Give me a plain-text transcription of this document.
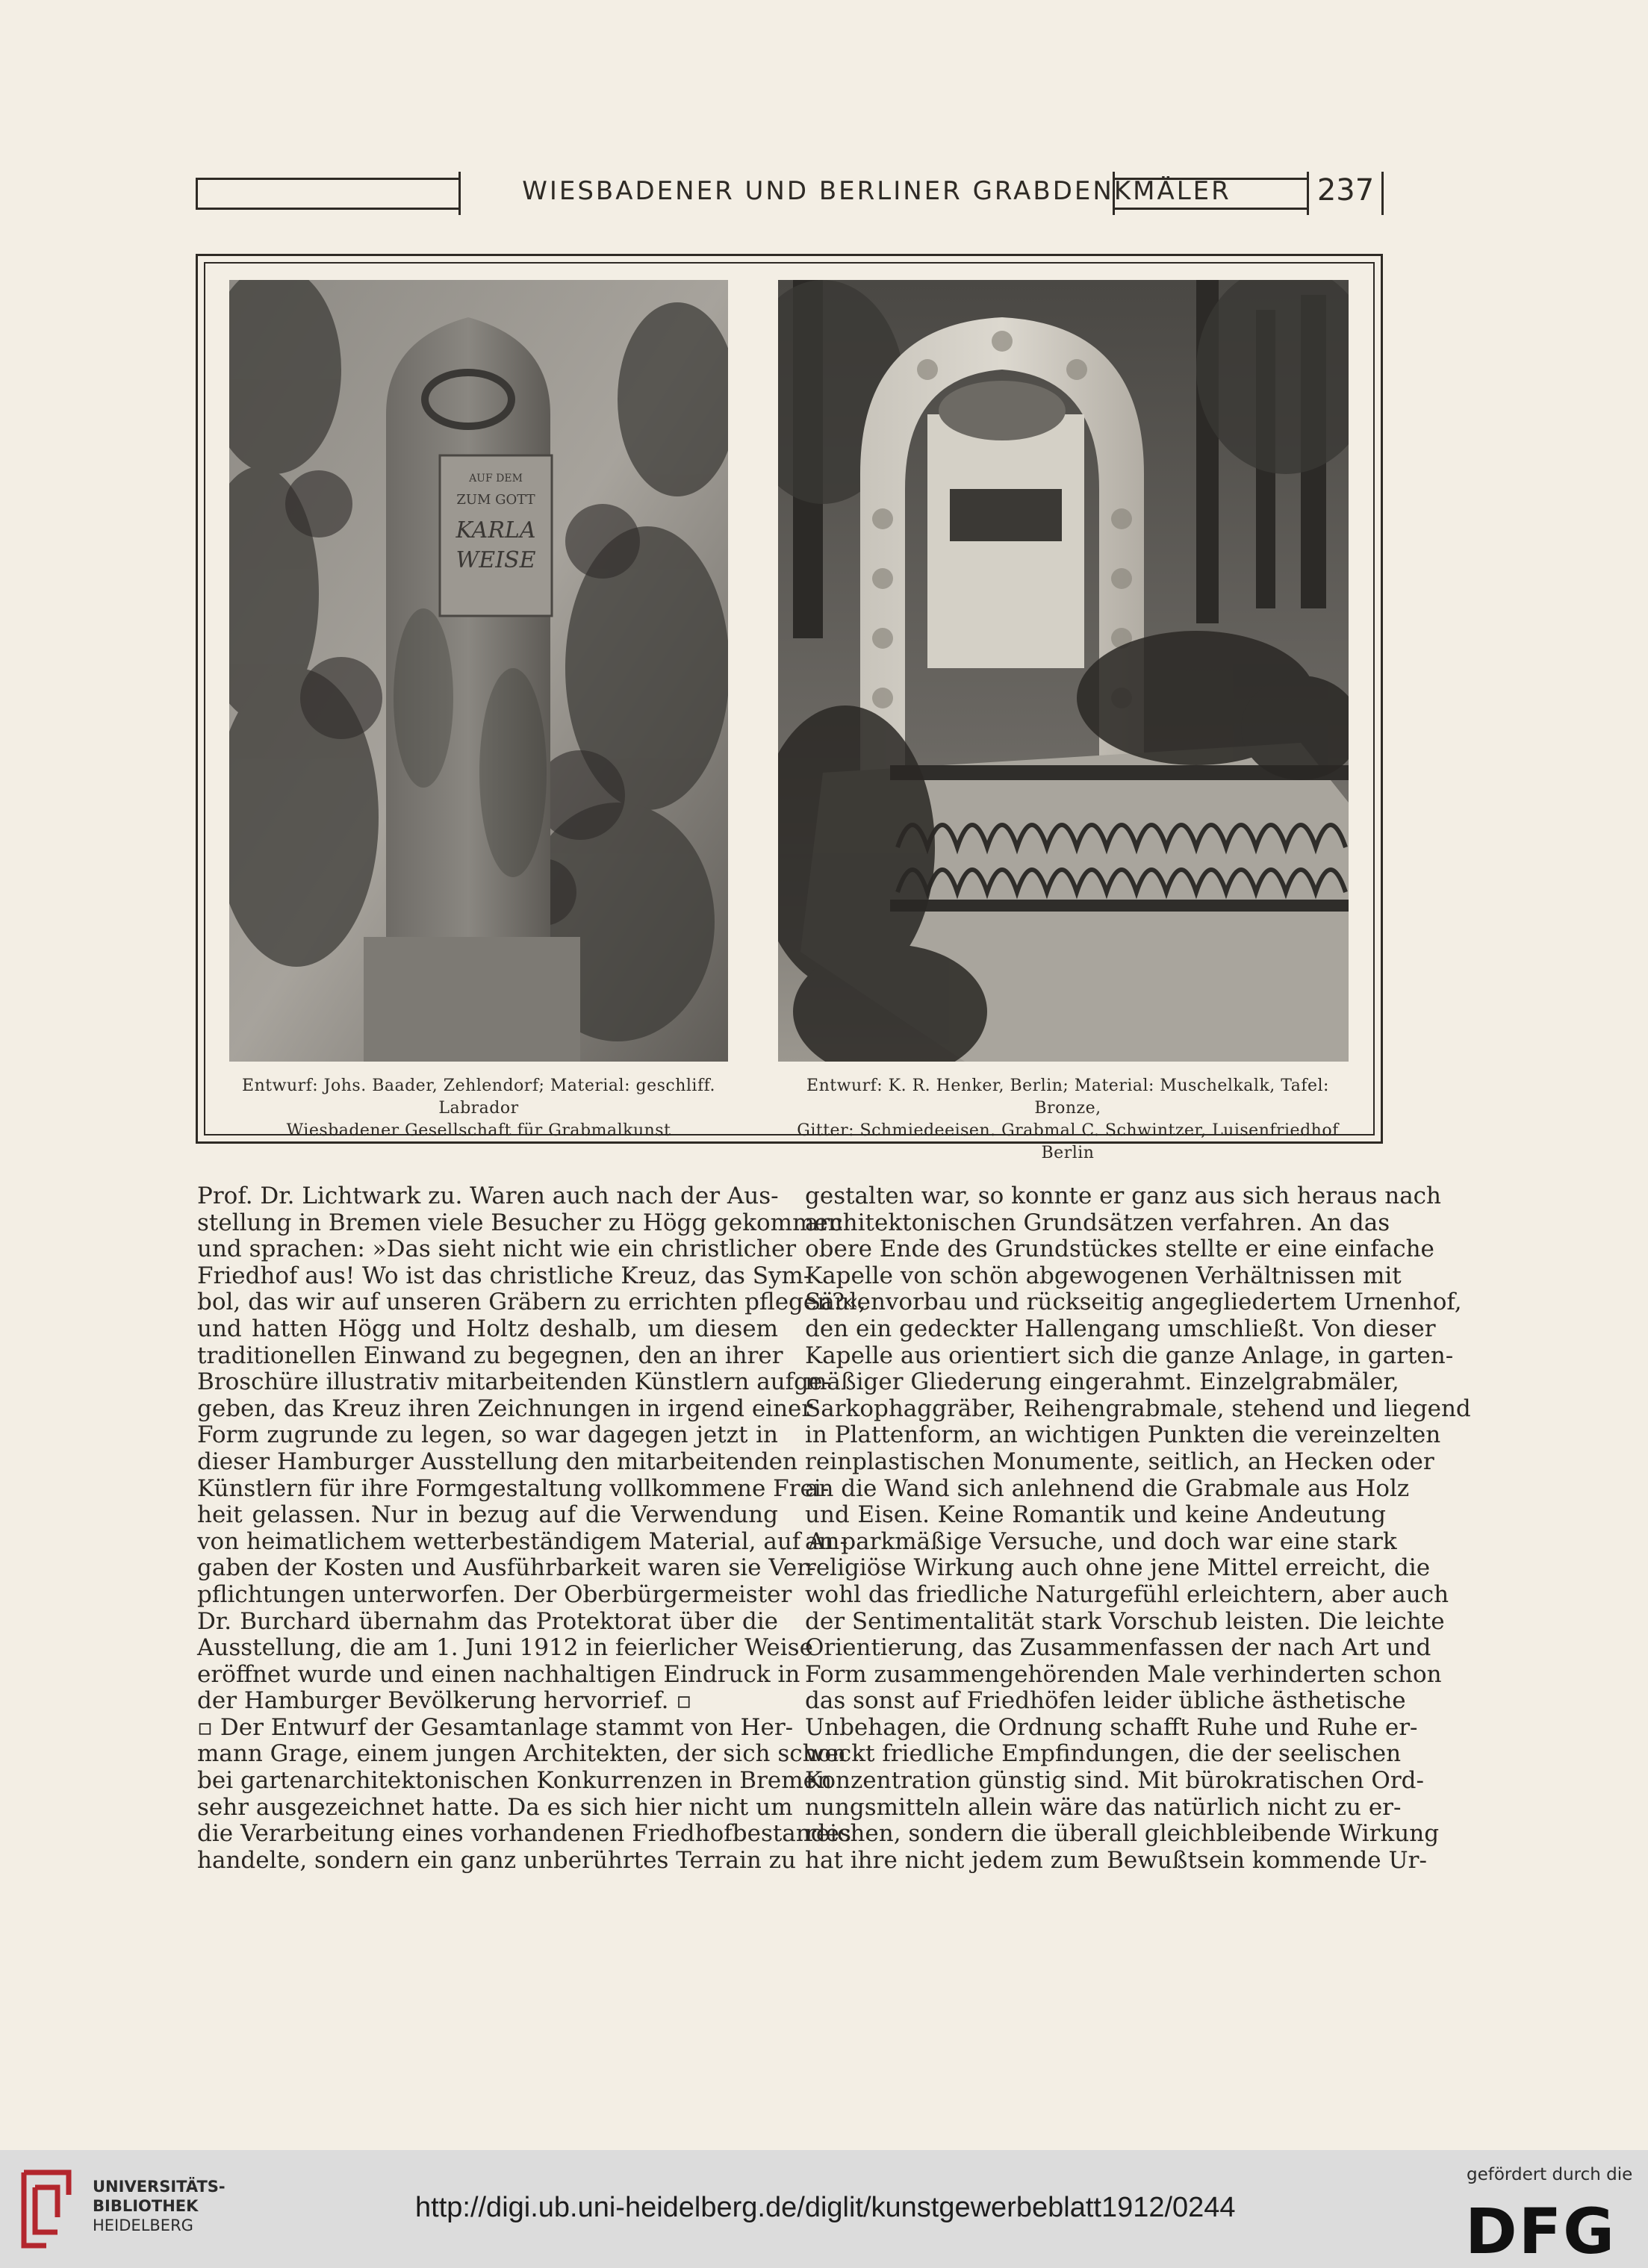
WIESBADENER UND BERLINER GRABDENKMÄLER	237
AUF DEM
ZUM GOTT
KARLA
WEISE
Entwurf: Johs. Baader, Zehlendorf; Material: geschliff. Labrador
Wiesbadener Gesellschaft für Grabmalkunst
Entwurf: K. R. Henker, Berlin; Material: Muschelkalk, Tafel: Bronze,
Gitter: Schmiedeeisen. Grabmal C. Schwintzer, Luisenfriedhof Berlin
Prof. Dr. Lichtwark zu. Waren auch nach der Aus-
stellung in Bremen viele Besucher zu Högg gekommen
und sprachen: »Das sieht nicht wie ein christlicher
Friedhof aus! Wo ist das christliche Kreuz, das Sym-
bol, das wir auf unseren Gräbern zu errichten pflegen?«,
und hatten Högg und Holtz deshalb, um diesem
traditionellen Einwand zu begegnen, den an ihrer
Broschüre illustrativ mitarbeitenden Künstlern aufge-
geben, das Kreuz ihren Zeichnungen in irgend einer
Form zugrunde zu legen, so war dagegen jetzt in
dieser Hamburger Ausstellung den mitarbeitenden
Künstlern für ihre Formgestaltung vollkommene Frei-
heit gelassen. Nur in bezug auf die Verwendung
von heimatlichem wetterbeständigem Material, auf An-
gaben der Kosten und Ausführbarkeit waren sie Ver-
pflichtungen unterworfen. Der Oberbürgermeister
Dr. Burchard übernahm das Protektorat über die
Ausstellung, die am 1. Juni 1912 in feierlicher Weise
eröffnet wurde und einen nachhaltigen Eindruck in
der Hamburger Bevölkerung hervorrief. ▫
▫ Der Entwurf der Gesamtanlage stammt von Her-
mann Grage, einem jungen Architekten, der sich schon
bei gartenarchitektonischen Konkurrenzen in Bremen
sehr ausgezeichnet hatte. Da es sich hier nicht um
die Verarbeitung eines vorhandenen Friedhofbestandes
handelte, sondern ein ganz unberührtes Terrain zu
gestalten war, so konnte er ganz aus sich heraus nach
architektonischen Grundsätzen verfahren. An das
obere Ende des Grundstückes stellte er eine einfache
Kapelle von schön abgewogenen Verhältnissen mit
Säulenvorbau und rückseitig angegliedertem Urnenhof,
den ein gedeckter Hallengang umschließt. Von dieser
Kapelle aus orientiert sich die ganze Anlage, in garten-
mäßiger Gliederung eingerahmt. Einzelgrabmäler,
Sarkophaggräber, Reihengrabmale, stehend und liegend
in Plattenform, an wichtigen Punkten die vereinzelten
reinplastischen Monumente, seitlich, an Hecken oder
an die Wand sich anlehnend die Grabmale aus Holz
und Eisen. Keine Romantik und keine Andeutung
an parkmäßige Versuche, und doch war eine stark
religiöse Wirkung auch ohne jene Mittel erreicht, die
wohl das friedliche Naturgefühl erleichtern, aber auch
der Sentimentalität stark Vorschub leisten. Die leichte
Orientierung, das Zusammenfassen der nach Art und
Form zusammengehörenden Male verhinderten schon
das sonst auf Friedhöfen leider übliche ästhetische
Unbehagen, die Ordnung schafft Ruhe und Ruhe er-
weckt friedliche Empfindungen, die der seelischen
Konzentration günstig sind. Mit bürokratischen Ord-
nungsmitteln allein wäre das natürlich nicht zu er-
reichen, sondern die überall gleichbleibende Wirkung
hat ihre nicht jedem zum Bewußtsein kommende Ur-
UNIVERSITÄTS-
BIBLIOTHEK
HEIDELBERG
http://digi.ub.uni-heidelberg.de/diglit/kunstgewerbeblatt1912/0244
gefördert durch die
DFG
